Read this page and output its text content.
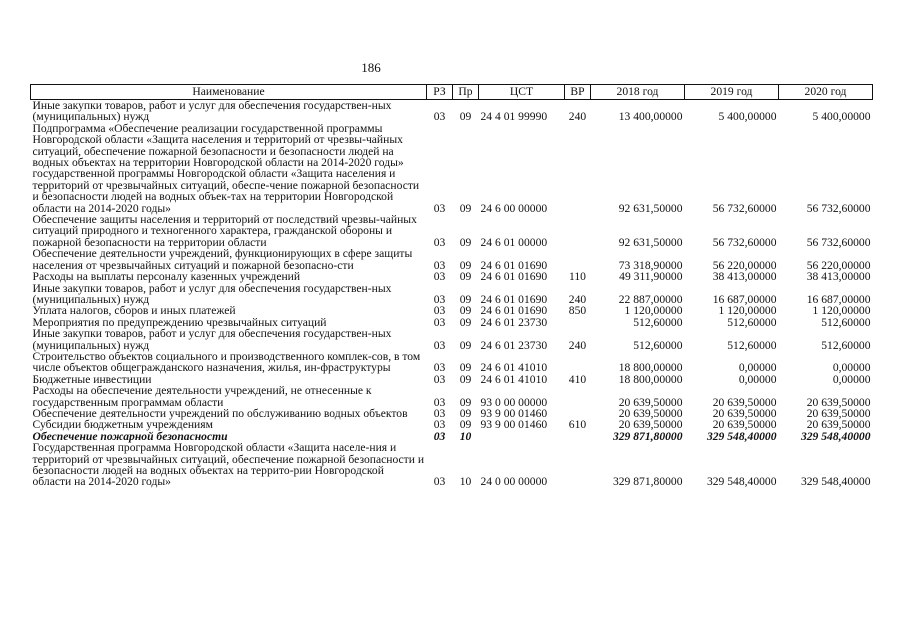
186
Наименование	РЗ	Пр	ЦСТ	ВР	2018 год	2019 год	2020 год
Иные закупки товаров, работ и услуг для обеспечения государствен-ных (муниципальных) нужд	03	09	24 4 01 99990	240	13 400,00000	5 400,00000	5 400,00000
Подпрограмма «Обеспечение реализации государственной программы Новгородской области «Защита населения и территорий от чрезвы-чайных ситуаций, обеспечение пожарной безопасности и безопасности людей на водных объектах на территории Новгородской области на 2014-2020 годы» государственной программы Новгородской области «Защита населения и территорий от чрезвычайных ситуаций, обеспе-чение пожарной безопасности и безопасности людей на водных объек-тах на территории Новгородской области на 2014-2020 годы»	03	09	24 6 00 00000		92 631,50000	56 732,60000	56 732,60000
Обеспечение защиты населения и территорий от последствий чрезвы-чайных ситуаций природного и техногенного характера, гражданской обороны и пожарной безопасности на территории области	03	09	24 6 01 00000		92 631,50000	56 732,60000	56 732,60000
Обеспечение деятельности учреждений, функционирующих в сфере защиты населения от чрезвычайных ситуаций и пожарной безопасно-сти	03	09	24 6 01 01690		73 318,90000	56 220,00000	56 220,00000
Расходы на выплаты персоналу казенных учреждений	03	09	24 6 01 01690	110	49 311,90000	38 413,00000	38 413,00000
Иные закупки товаров, работ и услуг для обеспечения государствен-ных (муниципальных) нужд	03	09	24 6 01 01690	240	22 887,00000	16 687,00000	16 687,00000
Уплата налогов, сборов и иных платежей	03	09	24 6 01 01690	850	1 120,00000	1 120,00000	1 120,00000
Мероприятия по предупреждению чрезвычайных ситуаций	03	09	24 6 01 23730		512,60000	512,60000	512,60000
Иные закупки товаров, работ и услуг для обеспечения государствен-ных (муниципальных) нужд	03	09	24 6 01 23730	240	512,60000	512,60000	512,60000
Строительство объектов социального и производственного комплек-сов, в том числе объектов общегражданского назначения, жилья, ин-фраструктуры	03	09	24 6 01 41010		18 800,00000	0,00000	0,00000
Бюджетные инвестиции	03	09	24 6 01 41010	410	18 800,00000	0,00000	0,00000
Расходы на обеспечение деятельности учреждений, не отнесенные к государственным программам области	03	09	93 0 00 00000		20 639,50000	20 639,50000	20 639,50000
Обеспечение деятельности учреждений по обслуживанию водных объектов	03	09	93 9 00 01460		20 639,50000	20 639,50000	20 639,50000
Субсидии бюджетным учреждениям	03	09	93 9 00 01460	610	20 639,50000	20 639,50000	20 639,50000
Обеспечение пожарной безопасности	03	10			329 871,80000	329 548,40000	329 548,40000
Государственная программа Новгородской области «Защита населе-ния и территорий от чрезвычайных ситуаций, обеспечение пожарной безопасности и безопасности людей на водных объектах на террито-рии Новгородской области на 2014-2020 годы»	03	10	24 0 00 00000		329 871,80000	329 548,40000	329 548,40000
